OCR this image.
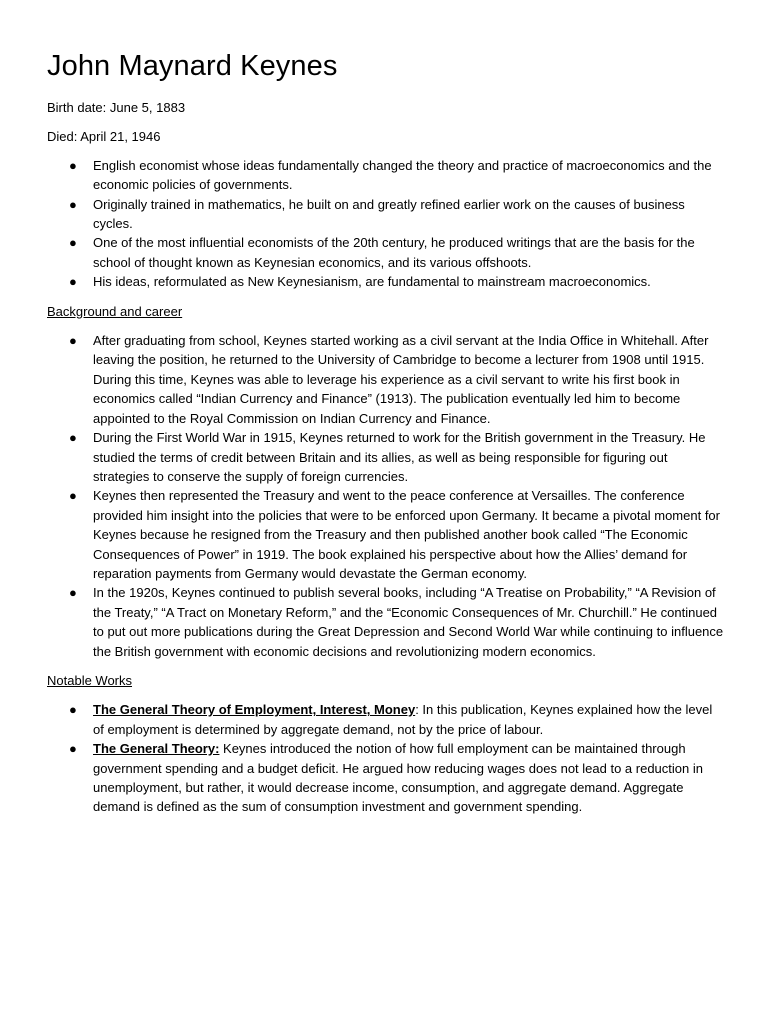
John Maynard Keynes

Birth date: June 5, 1883

Died: April 21, 1946

● English economist whose ideas fundamentally changed the theory and practice of macroeconomics and the economic policies of governments.
● Originally trained in mathematics, he built on and greatly refined earlier work on the causes of business cycles.
● One of the most influential economists of the 20th century, he produced writings that are the basis for the school of thought known as Keynesian economics, and its various offshoots.
● His ideas, reformulated as New Keynesianism, are fundamental to mainstream macroeconomics.

Background and career

● After graduating from school, Keynes started working as a civil servant at the India Office in Whitehall. After leaving the position, he returned to the University of Cambridge to become a lecturer from 1908 until 1915. During this time, Keynes was able to leverage his experience as a civil servant to write his first book in economics called “Indian Currency and Finance” (1913). The publication eventually led him to become appointed to the Royal Commission on Indian Currency and Finance.
● During the First World War in 1915, Keynes returned to work for the British government in the Treasury. He studied the terms of credit between Britain and its allies, as well as being responsible for figuring out strategies to conserve the supply of foreign currencies.
● Keynes then represented the Treasury and went to the peace conference at Versailles. The conference provided him insight into the policies that were to be enforced upon Germany. It became a pivotal moment for Keynes because he resigned from the Treasury and then published another book called “The Economic Consequences of Power” in 1919. The book explained his perspective about how the Allies’ demand for reparation payments from Germany would devastate the German economy.
● In the 1920s, Keynes continued to publish several books, including “A Treatise on Probability,” “A Revision of the Treaty,” “A Tract on Monetary Reform,” and the “Economic Consequences of Mr. Churchill.” He continued to put out more publications during the Great Depression and Second World War while continuing to influence the British government with economic decisions and revolutionizing modern economics.

Notable Works

● The General Theory of Employment, Interest, Money: In this publication, Keynes explained how the level of employment is determined by aggregate demand, not by the price of labour.
● The General Theory: Keynes introduced the notion of how full employment can be maintained through government spending and a budget deficit. He argued how reducing wages does not lead to a reduction in unemployment, but rather, it would decrease income, consumption, and aggregate demand. Aggregate demand is defined as the sum of consumption investment and government spending.
